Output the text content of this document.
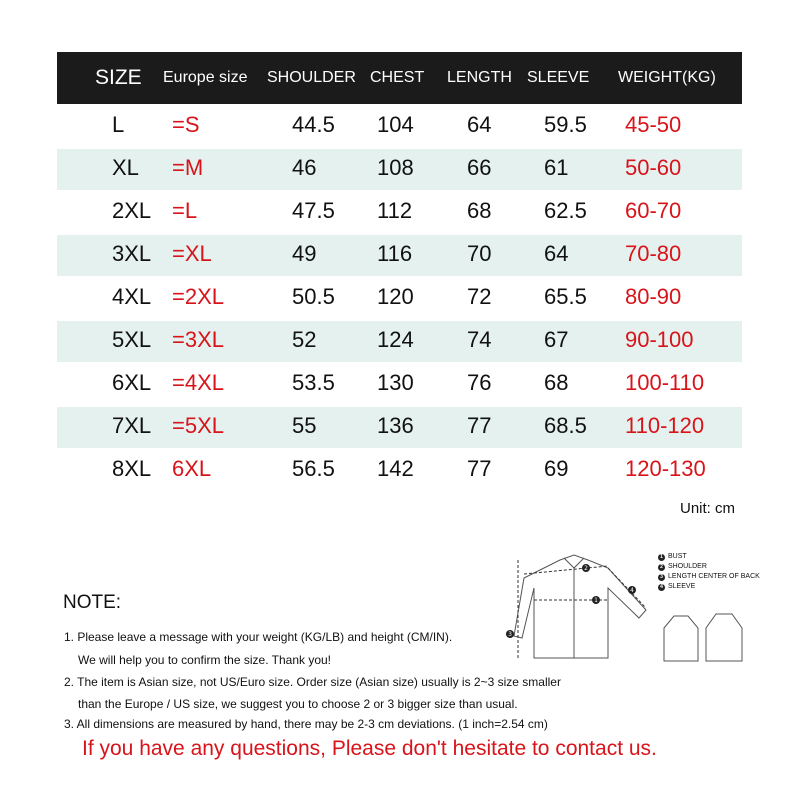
SIZE Europe size SHOULDER CHEST LENGTH SLEEVE WEIGHT(KG)
L =S	44.5 104 64 59.5 45-50
XL =M	46	108 66 61	50-60
2XL =L	47.5 112 68 62.5 60-70
3XL =XL	49	116 70 64	70-80
4XL =2XL	50.5 120 72 65.5 80-90
5XL =3XL	52	124 74 67	90-100
6XL =4XL	53.5 130 76 68	100-110
7XL =5XL	55	136 77 68.5 110-120
8XL 6XL	56.5 142 77 69	120-130
Unit: cm
1
2
3
4
1 BUST
2 SHOULDER
3 LENGTH CENTER OF BACK
4 SLEEVE
NOTE:
1. Please leave a message with your weight (KG/LB) and height (CM/IN).
We will help you to confirm the size. Thank you!
2. The item is Asian size, not US/Euro size. Order size (Asian size) usually is 2~3 size smaller
than the Europe / US size, we suggest you to choose 2 or 3 bigger size than usual.
3. All dimensions are measured by hand, there may be 2-3 cm deviations. (1 inch=2.54 cm)
If you have any questions, Please don't hesitate to contact us.
